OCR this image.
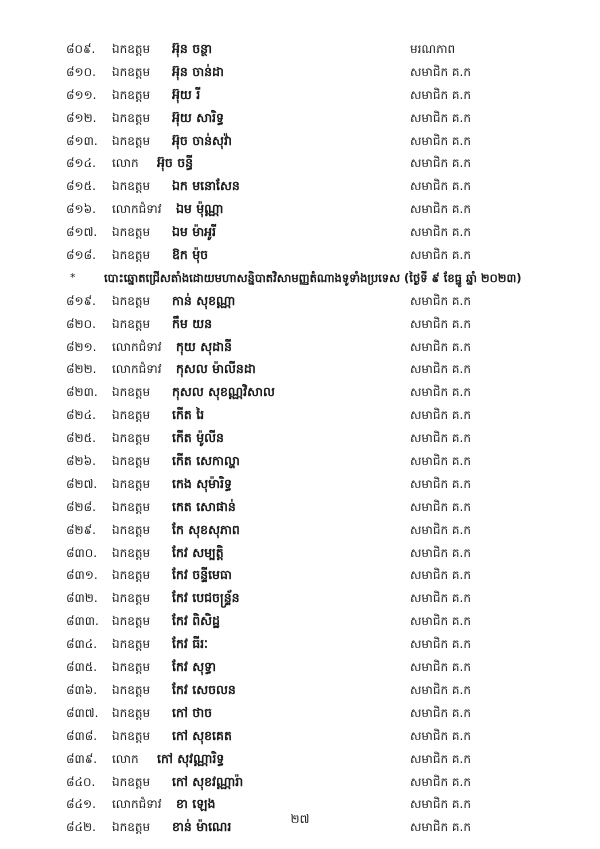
៨០៩.	ឯកឧត្តម អ៊ុន ចន្ថា	មរណភាព
៨១០.	ឯកឧត្តម អ៊ុន ចាន់ដា	សមាជិក គ.ក
៨១១.	ឯកឧត្តម អ៊ុយ រី	សមាជិក គ.ក
៨១២.	ឯកឧត្តម អ៊ុយ សារិទ្ធ	សមាជិក គ.ក
៨១៣.	ឯកឧត្តម អ៊ុច ចាន់សុវ៉ា	សមាជិក គ.ក
៨១៤.	លោក អ៊ុច ចន្ធី	សមាជិក គ.ក
៨១៥.	ឯកឧត្តម ឯក មនោសែន	សមាជិក គ.ក
៨១៦.	លោកជំទាវ ឯម ម៉ុណ្ណា	សមាជិក គ.ក
៨១៧.	ឯកឧត្តម ឯម ម៉ាអូរី	សមាជិក គ.ក
៨១៨.	ឯកឧត្តម ឱក ម៉ុច	សមាជិក គ.ក
* បោះឆ្នោតជ្រើសតាំងដោយមហាសន្និបាតវិសាមញ្ញតំណាងទូទាំងប្រទេស (ថ្ងៃទី ៩ ខែធ្នូ ឆ្នាំ ២០២៣)
៨១៩.	ឯកឧត្តម កាន់ សុខណ្ណា	សមាជិក គ.ក
៨២០.	ឯកឧត្តម កឹម យន	សមាជិក គ.ក
៨២១.	លោកជំទាវ កុយ សុដានី	សមាជិក គ.ក
៨២២.	លោកជំទាវ កុសល ម៉ាលីនដា	សមាជិក គ.ក
៨២៣.	ឯកឧត្តម កុសល សុខណ្ណវិសាល	សមាជិក គ.ក
៨២៤.	ឯកឧត្តម កើត រៃ	សមាជិក គ.ក
៨២៥.	ឯកឧត្តម កើត ម៉ូលីន	សមាជិក គ.ក
៨២៦.	ឯកឧត្តម កើត សេកាល្ហា	សមាជិក គ.ក
៨២៧.	ឯកឧត្តម កេង សុម៉ារិទ្ធ	សមាជិក គ.ក
៨២៨.	ឯកឧត្តម កេត សោផាន់	សមាជិក គ.ក
៨២៩.	ឯកឧត្តម កែ សុខសុភាព	សមាជិក គ.ក
៨៣០.	ឯកឧត្តម កែវ សម្បត្តិ	សមាជិក គ.ក
៨៣១.	ឯកឧត្តម កែវ ចន្ទីមេធា	សមាជិក គ.ក
៨៣២.	ឯកឧត្តម កែវ បេជចន្ទ្រ័ន	សមាជិក គ.ក
៨៣៣.	ឯកឧត្តម កែវ ពិសិដ្ឋ	សមាជិក គ.ក
៨៣៤.	ឯកឧត្តម កែវ ធីរៈ	សមាជិក គ.ក
៨៣៥.	ឯកឧត្តម កែវ សុទ្ធា	សមាជិក គ.ក
៨៣៦.	ឯកឧត្តម កែវ សេចលន	សមាជិក គ.ក
៨៣៧.	ឯកឧត្តម កៅ ថាច	សមាជិក គ.ក
៨៣៨.	ឯកឧត្តម កៅ សុខគេត	សមាជិក គ.ក
៨៣៩.	លោក កៅ សុវណ្ណារិទ្ធ	សមាជិក គ.ក
៨៤០.	ឯកឧត្តម កៅ សុខវណ្ណារ៉ា	សមាជិក គ.ក
៨៤១.	លោកជំទាវ ខា ឡេង	សមាជិក គ.ក
៨៤២.	ឯកឧត្តម ខាន់ ម៉ាណេរ	សមាជិក គ.ក
២៧
